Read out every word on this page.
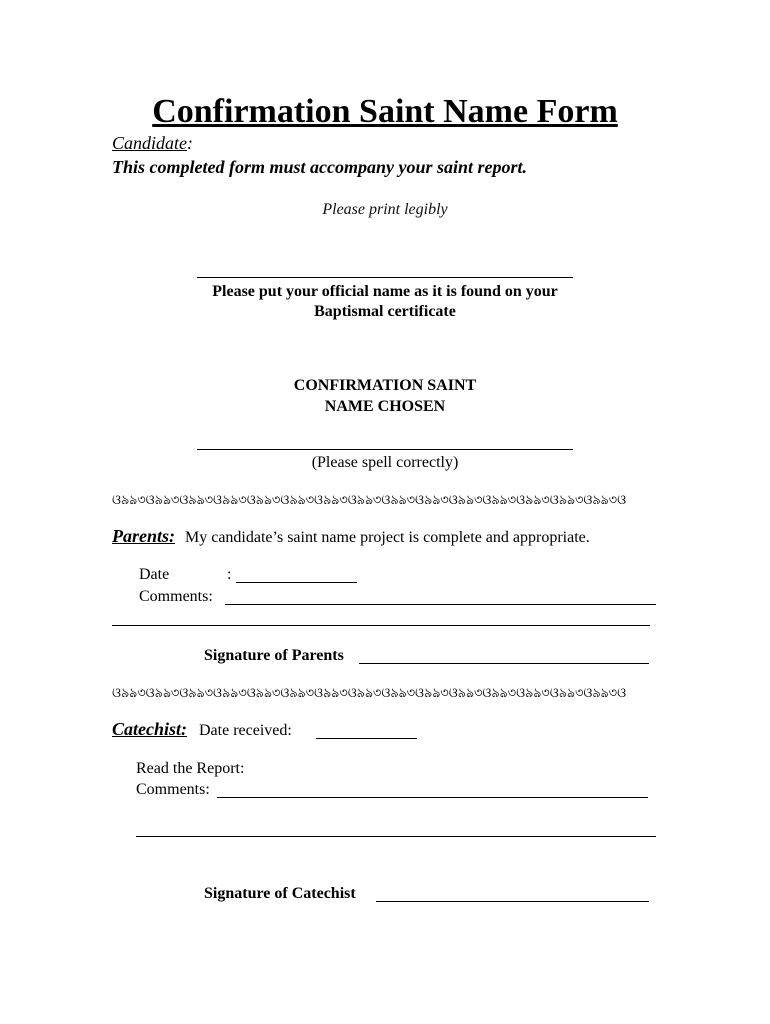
Confirmation Saint Name Form
Candidate:
This completed form must accompany your saint report.
Please print legibly
Please put your official name as it is found on your
Baptismal certificate
CONFIRMATION SAINT
NAME CHOSEN
(Please spell correctly)
ଓ৯ঌ৩ଓ৯ঌ৩ଓ৯ঌ৩ଓ৯ঌ৩ଓ৯ঌ৩ଓ৯ঌ৩ଓ৯ঌ৩ଓ৯ঌ৩ଓ৯ঌ৩ଓ৯ঌ৩ଓ৯ঌ৩ଓ৯ঌ৩ଓ৯ঌ৩ଓ৯ঌ৩ଓ৯ঌ৩ଓ
Parents: My candidate’s saint name project is complete and appropriate.
Date	:
Comments:
Signature of Parents
ଓ৯ঌ৩ଓ৯ঌ৩ଓ৯ঌ৩ଓ৯ঌ৩ଓ৯ঌ৩ଓ৯ঌ৩ଓ৯ঌ৩ଓ৯ঌ৩ଓ৯ঌ৩ଓ৯ঌ৩ଓ৯ঌ৩ଓ৯ঌ৩ଓ৯ঌ৩ଓ৯ঌ৩ଓ৯ঌ৩ଓ
Catechist: Date received:
Read the Report:
Comments:
Signature of Catechist
